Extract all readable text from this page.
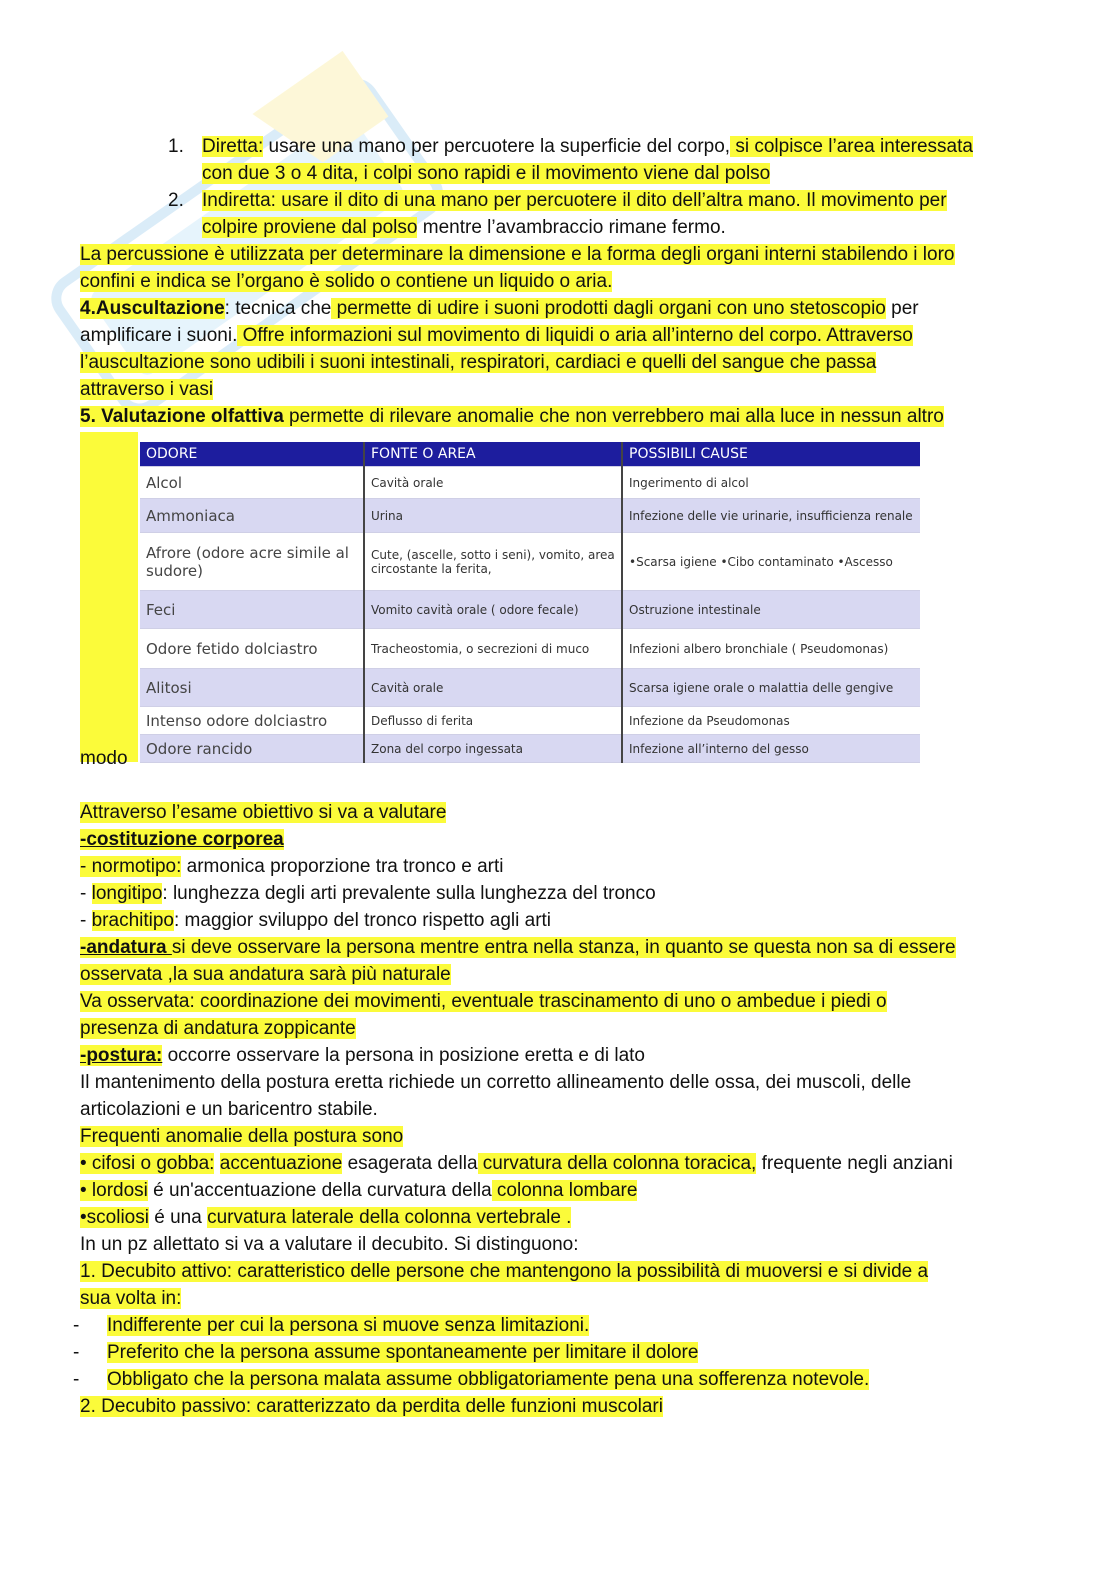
1. Diretta: usare una mano per percuotere la superficie del corpo, si colpisce l’area interessata
con due 3 o 4 dita, i colpi sono rapidi e il movimento viene dal polso
2. Indiretta: usare il dito di una mano per percuotere il dito dell’altra mano. Il movimento per
colpire proviene dal polso mentre l’avambraccio rimane fermo.
La percussione è utilizzata per determinare la dimensione e la forma degli organi interni stabilendo i loro
confini e indica se l’organo è solido o contiene un liquido o aria.
4.Auscultazione: tecnica che permette di udire i suoni prodotti dagli organi con uno stetoscopio per
amplificare i suoni. Offre informazioni sul movimento di liquidi o aria all’interno del corpo. Attraverso
l’auscultazione sono udibili i suoni intestinali, respiratori, cardiaci e quelli del sangue che passa
attraverso i vasi
5. Valutazione olfattiva permette di rilevare anomalie che non verrebbero mai alla luce in nessun altro
modo
ODORE	FONTE O AREA	POSSIBILI CAUSE
Alcol	Cavità orale	Ingerimento di alcol
Ammoniaca	Urina	Infezione delle vie urinarie, insufficienza renale
Afrore (odore acre simile al sudore)	Cute, (ascelle, sotto i seni), vomito, area circostante la ferita,	•Scarsa igiene •Cibo contaminato •Ascesso
Feci	Vomito cavità orale ( odore fecale)	Ostruzione intestinale
Odore fetido dolciastro	Tracheostomia, o secrezioni di muco	Infezioni albero bronchiale ( Pseudomonas)
Alitosi	Cavità orale	Scarsa igiene orale o malattia delle gengive
Intenso odore dolciastro	Deflusso di ferita	Infezione da Pseudomonas
Odore rancido	Zona del corpo ingessata	Infezione all’interno del gesso
Attraverso l’esame obiettivo si va a valutare
-costituzione corporea
- normotipo: armonica proporzione tra tronco e arti
- longitipo: lunghezza degli arti prevalente sulla lunghezza del tronco
- brachitipo: maggior sviluppo del tronco rispetto agli arti
-andatura si deve osservare la persona mentre entra nella stanza, in quanto se questa non sa di essere
osservata ,la sua andatura sarà più naturale
Va osservata: coordinazione dei movimenti, eventuale trascinamento di uno o ambedue i piedi o
presenza di andatura zoppicante
-postura: occorre osservare la persona in posizione eretta e di lato
Il mantenimento della postura eretta richiede un corretto allineamento delle ossa, dei muscoli, delle
articolazioni e un baricentro stabile.
Frequenti anomalie della postura sono
• cifosi o gobba: accentuazione esagerata della curvatura della colonna toracica, frequente negli anziani
• lordosi é un'accentuazione della curvatura della colonna lombare
•scoliosi é una curvatura laterale della colonna vertebrale .
In un pz allettato si va a valutare il decubito. Si distinguono:
1. Decubito attivo: caratteristico delle persone che mantengono la possibilità di muoversi e si divide a
sua volta in:
- Indifferente per cui la persona si muove senza limitazioni.
- Preferito che la persona assume spontaneamente per limitare il dolore
- Obbligato che la persona malata assume obbligatoriamente pena una sofferenza notevole.
2. Decubito passivo: caratterizzato da perdita delle funzioni muscolari
